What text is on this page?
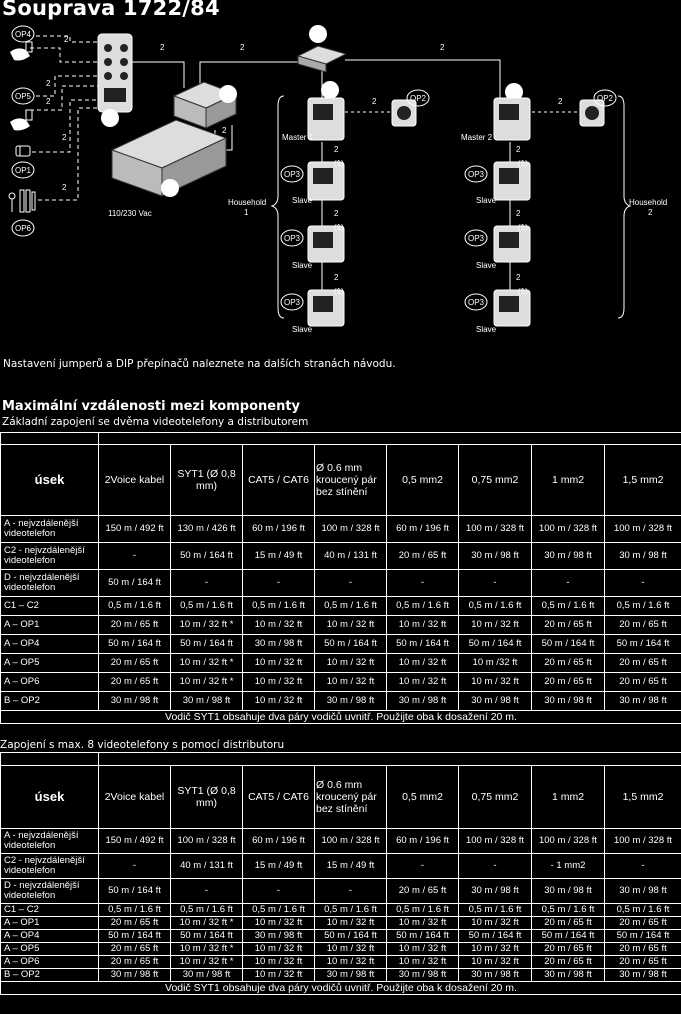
Souprava 1722/84
OP4
OP5
OP1
OP6
OP3
OP3
OP3
OP3
OP3
OP3
OP2	OP2
2
2
2
2
2
2	2	2
2
2	2
2
2
2
2
2
2
(1)
(1)
(1)
(1)
(1)
(1)
Master 1	Master 2
Slave
Slave
Slave
Slave
Slave
Slave
Household
1
Household
2
110/230 Vac
Nastavení jumperů a DIP přepínačů naleznete na dalších stranách návodu.
Maximální vzdálenosti mezi komponenty
Základní zapojení se dvěma videotelefony a distributorem

úsek	2Voice kabel	SYT1 (Ø 0,8 mm)	CAT5 / CAT6	Ø 0.6 mm kroucený pár bez stínění	0,5 mm2	0,75 mm2	1 mm2	1,5 mm2
A - nejvzdálenější videotelefon	150 m / 492 ft	130 m / 426 ft	60 m / 196 ft	100 m / 328 ft	60 m / 196 ft	100 m / 328 ft	100 m / 328 ft	100 m / 328 ft
C2 - nejvzdálenější videotelefon	-	50 m / 164 ft	15 m / 49 ft	40 m / 131 ft	20 m / 65 ft	30 m / 98 ft	30 m / 98 ft	30 m / 98 ft
D - nejvzdálenější videotelefon	50 m / 164 ft	-	-	-	-	-	-	-
C1 – C2	0,5 m / 1.6 ft	0,5 m / 1.6 ft	0,5 m / 1.6 ft	0,5 m / 1.6 ft	0,5 m / 1.6 ft	0,5 m / 1.6 ft	0,5 m / 1.6 ft	0,5 m / 1.6 ft
A – OP1	20 m / 65 ft	10 m / 32 ft *	10 m / 32 ft	10 m / 32 ft	10 m / 32 ft	10 m / 32 ft	20 m / 65 ft	20 m / 65 ft
A – OP4	50 m / 164 ft	50 m / 164 ft	30 m / 98 ft	50 m / 164 ft	50 m / 164 ft	50 m / 164 ft	50 m / 164 ft	50 m / 164 ft
A – OP5	20 m / 65 ft	10 m / 32 ft *	10 m / 32 ft	10 m / 32 ft	10 m / 32 ft	10 m /32 ft	20 m / 65 ft	20 m / 65 ft
A – OP6	20 m / 65 ft	10 m / 32 ft *	10 m / 32 ft	10 m / 32 ft	10 m / 32 ft	10 m / 32 ft	20 m / 65 ft	20 m / 65 ft
B – OP2	30 m / 98 ft	30 m / 98 ft	10 m / 32 ft	30 m / 98 ft	30 m / 98 ft	30 m / 98 ft	30 m / 98 ft	30 m / 98 ft
Vodič SYT1 obsahuje dva páry vodičů uvnitř. Použijte oba k dosažení 20 m.								
Zapojení s max. 8 videotelefony s pomocí distributoru

úsek	2Voice kabel	SYT1 (Ø 0,8 mm)	CAT5 / CAT6	Ø 0.6 mm kroucený pár bez stínění	0,5 mm2	0,75 mm2	1 mm2	1,5 mm2
A - nejvzdálenější videotelefon	150 m / 492 ft	100 m / 328 ft	60 m / 196 ft	100 m / 328 ft	60 m / 196 ft	100 m / 328 ft	100 m / 328 ft	100 m / 328 ft
C2 - nejvzdálenější videotelefon	-	40 m / 131 ft	15 m / 49 ft	15 m / 49 ft	-	-	- 1 mm2	-
D - nejvzdálenější videotelefon	50 m / 164 ft	-	-	-	20 m / 65 ft	30 m / 98 ft	30 m / 98 ft	30 m / 98 ft
C1 – C2	0,5 m / 1.6 ft	0,5 m / 1.6 ft	0,5 m / 1.6 ft	0,5 m / 1.6 ft	0,5 m / 1.6 ft	0,5 m / 1.6 ft	0,5 m / 1.6 ft	0,5 m / 1.6 ft
A – OP1	20 m / 65 ft	10 m / 32 ft *	10 m / 32 ft	10 m / 32 ft	10 m / 32 ft	10 m / 32 ft	20 m / 65 ft	20 m / 65 ft
A – OP4	50 m / 164 ft	50 m / 164 ft	30 m / 98 ft	50 m / 164 ft	50 m / 164 ft	50 m / 164 ft	50 m / 164 ft	50 m / 164 ft
A – OP5	20 m / 65 ft	10 m / 32 ft *	10 m / 32 ft	10 m / 32 ft	10 m / 32 ft	10 m / 32 ft	20 m / 65 ft	20 m / 65 ft
A – OP6	20 m / 65 ft	10 m / 32 ft *	10 m / 32 ft	10 m / 32 ft	10 m / 32 ft	10 m / 32 ft	20 m / 65 ft	20 m / 65 ft
B – OP2	30 m / 98 ft	30 m / 98 ft	10 m / 32 ft	30 m / 98 ft	30 m / 98 ft	30 m / 98 ft	30 m / 98 ft	30 m / 98 ft
Vodič SYT1 obsahuje dva páry vodičů uvnitř. Použijte oba k dosažení 20 m.								
